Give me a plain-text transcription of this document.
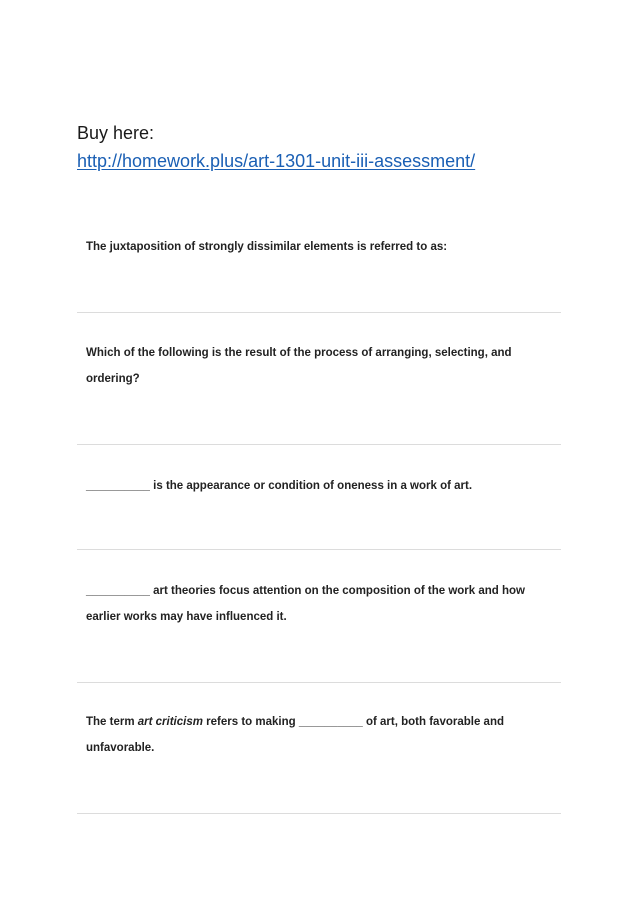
Buy here:
http://homework.plus/art-1301-unit-iii-assessment/
The juxtaposition of strongly dissimilar elements is referred to as:
Which of the following is the result of the process of arranging, selecting, and ordering?
__________ is the appearance or condition of oneness in a work of art.
__________ art theories focus attention on the composition of the work and how earlier works may have influenced it.
The term art criticism refers to making __________ of art, both favorable and unfavorable.
